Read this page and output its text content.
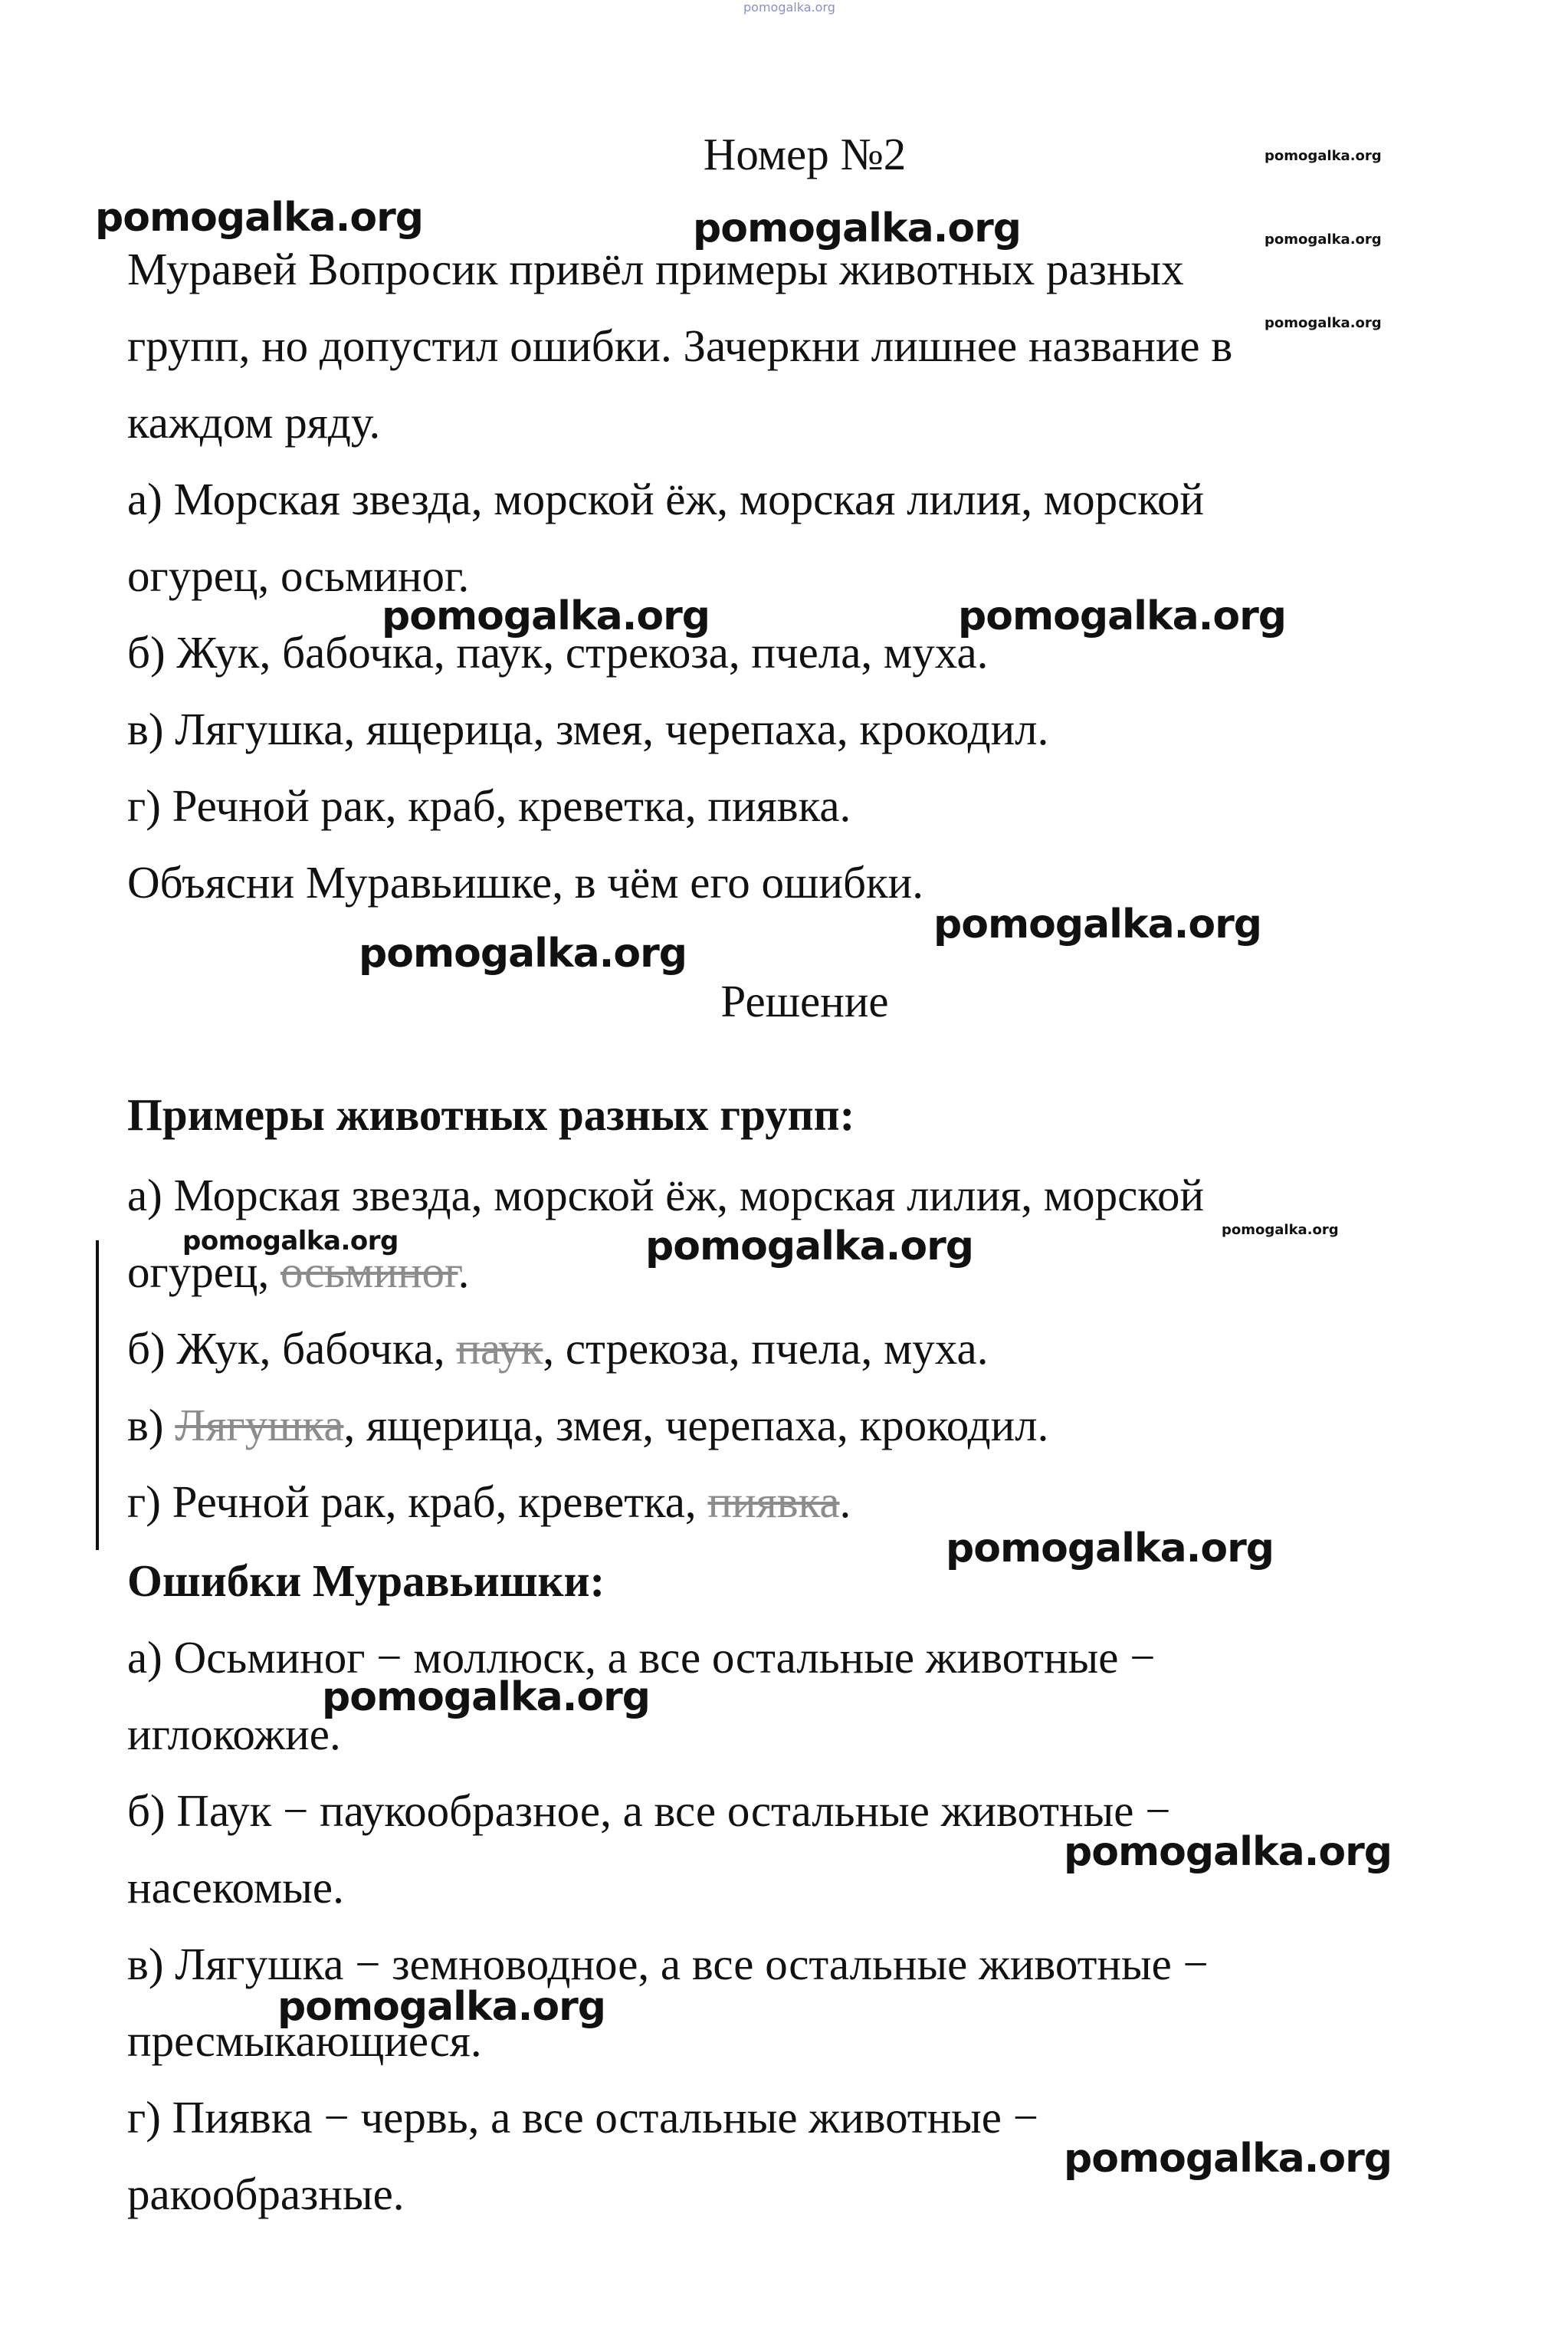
pomogalka.org
Номер №2
Муравей Вопросик привёл примеры животных разных
групп, но допустил ошибки. Зачеркни лишнее название в
каждом ряду.
а) Морская звезда, морской ёж, морская лилия, морской
огурец, осьминог.
б) Жук, бабочка, паук, стрекоза, пчела, муха.
в) Лягушка, ящерица, змея, черепаха, крокодил.
г) Речной рак, краб, креветка, пиявка.
Объясни Муравьишке, в чём его ошибки.
Решение
Примеры животных разных групп:
а) Морская звезда, морской ёж, морская лилия, морской
огурец, осьминог.
б) Жук, бабочка, паук, стрекоза, пчела, муха.
в) Лягушка, ящерица, змея, черепаха, крокодил.
г) Речной рак, краб, креветка, пиявка.
Ошибки Муравьишки:
а) Осьминог − моллюск, а все остальные животные −
иглокожие.
б) Паук − паукообразное, а все остальные животные −
насекомые.
в) Лягушка − земноводное, а все остальные животные −
пресмыкающиеся.
г) Пиявка − червь, а все остальные животные −
ракообразные.
pomogalka.org
pomogalka.org	pomogalka.org	pomogalka.org
pomogalka.org
pomogalka.org	pomogalka.org
pomogalka.org
pomogalka.org
pomogalka.org	pomogalka.org	pomogalka.org
pomogalka.org
pomogalka.org
pomogalka.org
pomogalka.org
pomogalka.org
